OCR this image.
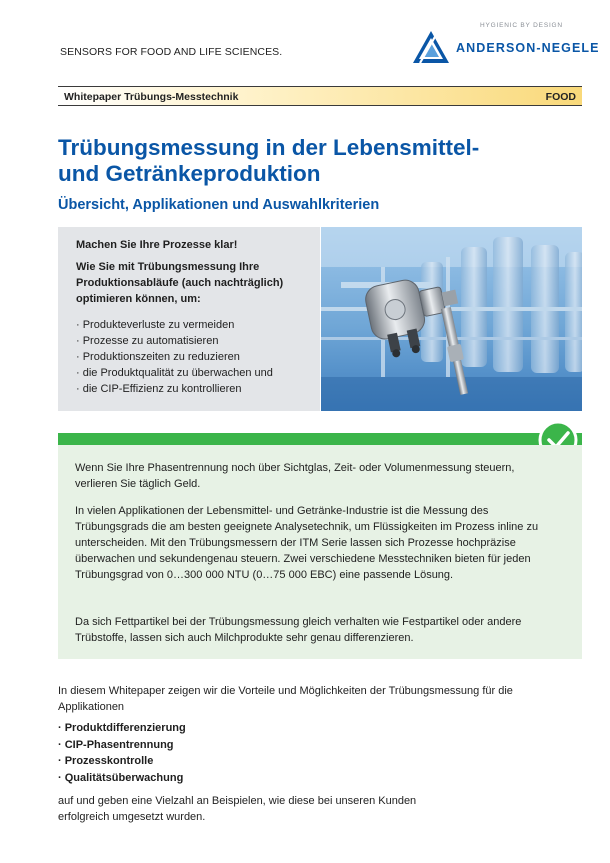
SENSORS FOR FOOD AND LIFE SCIENCES.
HYGIENIC BY DESIGN
ANDERSON-NEGELE
Whitepaper Trübungs-Messtechnik	FOOD
Trübungsmessung in der Lebensmittel-
und Getränkeproduktion
Übersicht, Applikationen und Auswahlkriterien
Machen Sie Ihre Prozesse klar!
Wie Sie mit Trübungsmessung Ihre Produktionsabläufe (auch nachträglich) optimieren können, um:
· Produkteverluste zu vermeiden
· Prozesse zu automatisieren
· Produktionszeiten zu reduzieren
· die Produktqualität zu überwachen und
· die CIP-Effizienz zu kontrollieren

Wenn Sie Ihre Phasentrennung noch über Sichtglas, Zeit- oder Volumenmessung steuern, verlieren Sie täglich Geld.

In vielen Applikationen der Lebensmittel- und Getränke-Industrie ist die Messung des Trübungsgrads die am besten geeignete Analysetechnik, um Flüssigkeiten im Prozess inline zu unterscheiden. Mit den Trübungsmessern der ITM Serie lassen sich Prozesse hochpräzise überwachen und sekundengenau steuern. Zwei verschiedene Messtechniken bieten für jeden Trübungsgrad von 0…300 000 NTU (0…75 000 EBC) eine passende Lösung.

Da sich Fettpartikel bei der Trübungsmessung gleich verhalten wie Festpartikel oder andere Trübstoffe, lassen sich auch Milchprodukte sehr genau differenzieren.

In diesem Whitepaper zeigen wir die Vorteile und Möglichkeiten der Trübungsmessung für die Applikationen

· Produktdifferenzierung
· CIP-Phasentrennung
· Prozesskontrolle
· Qualitätsüberwachung

auf und geben eine Vielzahl an Beispielen, wie diese bei unseren Kunden erfolgreich umgesetzt wurden.
